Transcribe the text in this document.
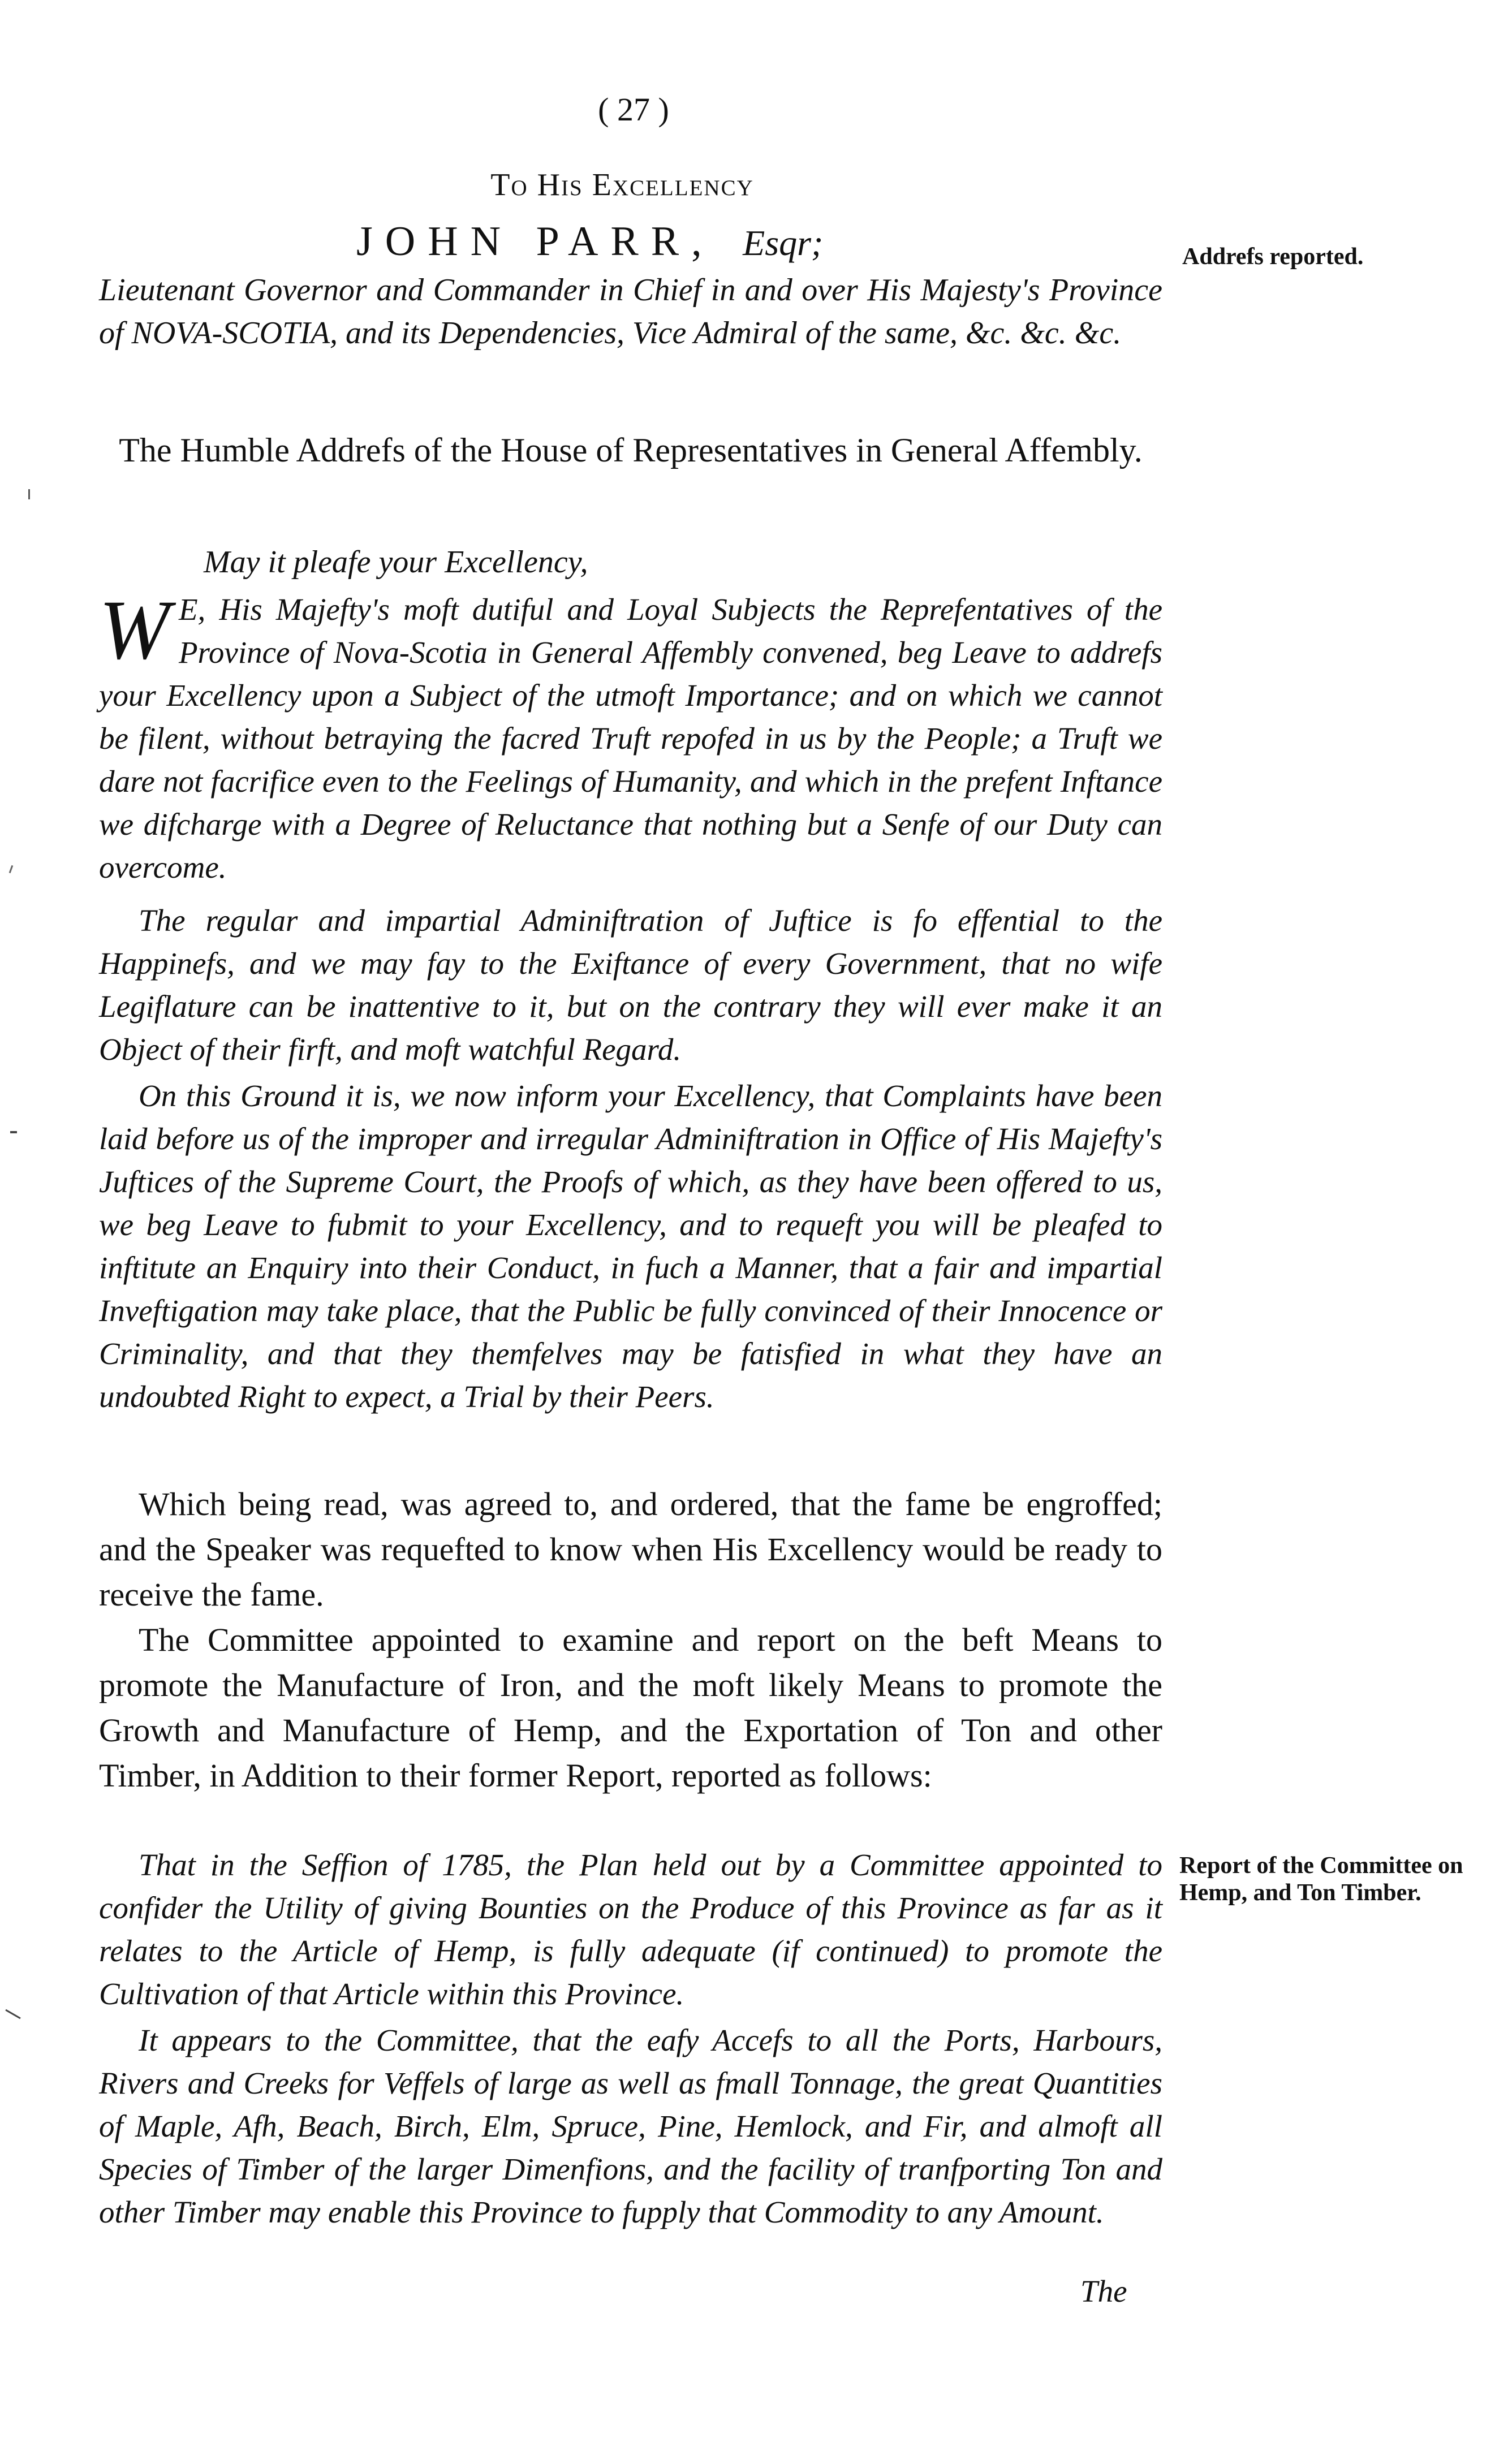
( 27 )
To His Excellency
JOHN PARR, Esqr;
Lieutenant Governor and Commander in Chief in and over His Majesty's Province of NOVA-SCOTIA, and its Dependencies, Vice Admiral of the same, &c. &c. &c.
The Humble Addrefs of the House of Representatives in General Affembly.
Addrefs reported.
Report of the Committee on Hemp, and Ton Timber.
May it pleafe your Excellency,
W E, His Majefty's moft dutiful and Loyal Subjects the Reprefentatives of the Province of Nova-Scotia in General Affembly convened, beg Leave to addrefs your Excellency upon a Subject of the utmoft Importance; and on which we cannot be filent, without betraying the facred Truft repofed in us by the People; a Truft we dare not facrifice even to the Feelings of Humanity, and which in the prefent Inftance we difcharge with a Degree of Reluctance that nothing but a Senfe of our Duty can overcome.
The regular and impartial Adminiftration of Juftice is fo effential to the Happinefs, and we may fay to the Exiftance of every Government, that no wife Legiflature can be inattentive to it, but on the contrary they will ever make it an Object of their firft, and moft watchful Regard.
On this Ground it is, we now inform your Excellency, that Complaints have been laid before us of the improper and irregular Adminiftration in Office of His Majefty's Juftices of the Supreme Court, the Proofs of which, as they have been offered to us, we beg Leave to fubmit to your Excellency, and to requeft you will be pleafed to inftitute an Enquiry into their Conduct, in fuch a Manner, that a fair and impartial Inveftigation may take place, that the Public be fully convinced of their Innocence or Criminality, and that they themfelves may be fatisfied in what they have an undoubted Right to expect, a Trial by their Peers.
Which being read, was agreed to, and ordered, that the fame be engroffed; and the Speaker was requefted to know when His Excellency would be ready to receive the fame.
The Committee appointed to examine and report on the beft Means to promote the Manufacture of Iron, and the moft likely Means to promote the Growth and Manufacture of Hemp, and the Exportation of Ton and other Timber, in Addition to their former Report, reported as follows:
That in the Seffion of 1785, the Plan held out by a Committee appointed to confider the Utility of giving Bounties on the Produce of this Province as far as it relates to the Article of Hemp, is fully adequate (if continued) to promote the Cultivation of that Article within this Province.
It appears to the Committee, that the eafy Accefs to all the Ports, Harbours, Rivers and Creeks for Veffels of large as well as fmall Tonnage, the great Quantities of Maple, Afh, Beach, Birch, Elm, Spruce, Pine, Hemlock, and Fir, and almoft all Species of Timber of the larger Dimenfions, and the facility of tranfporting Ton and other Timber may enable this Province to fupply that Commodity to any Amount.
The
